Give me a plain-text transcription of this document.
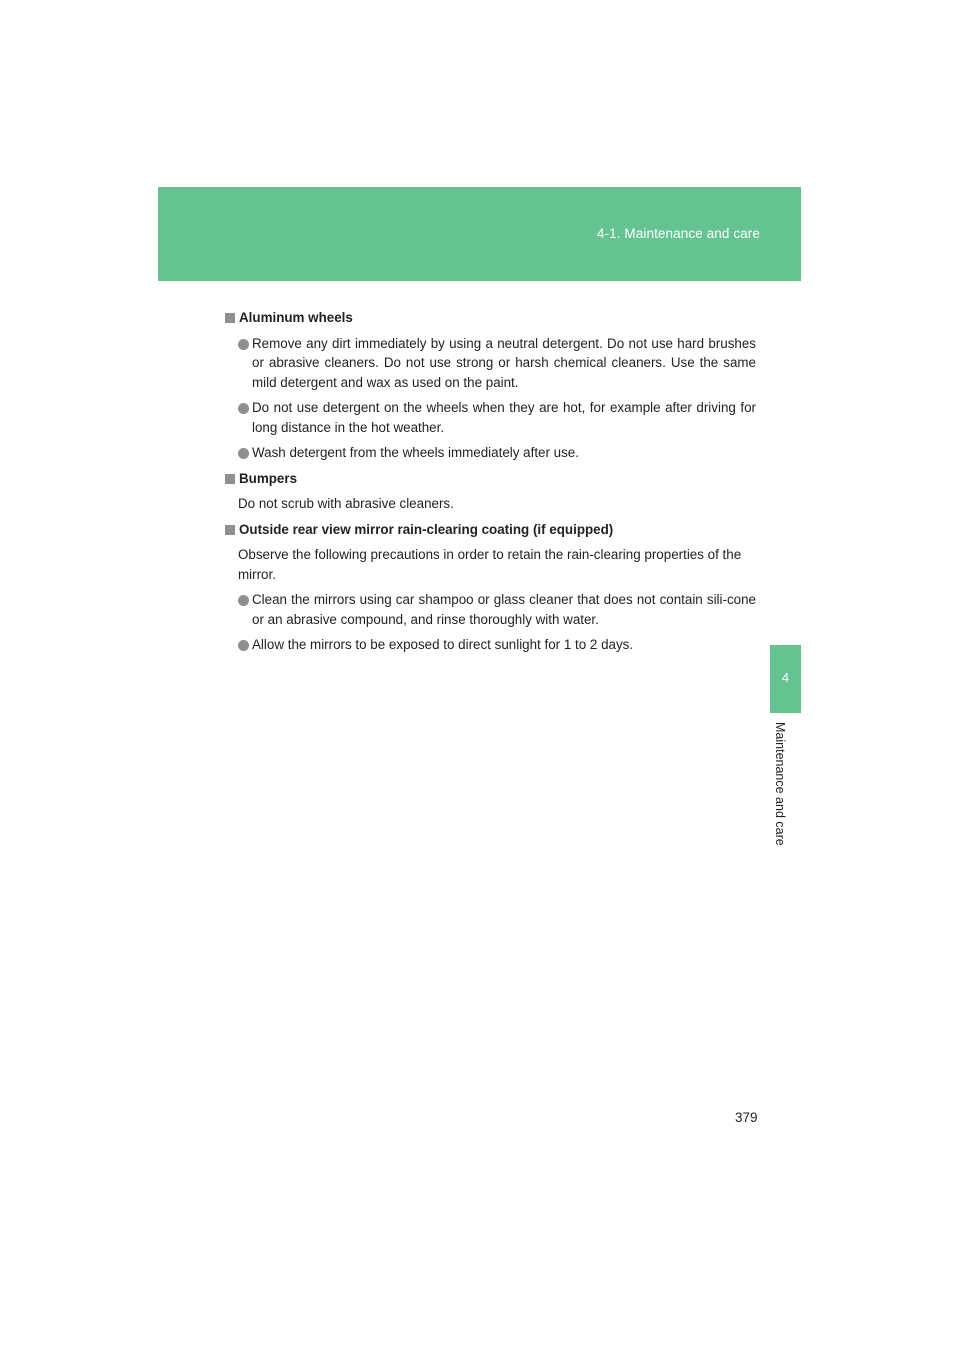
4-1. Maintenance and care
4
Maintenance and care
Aluminum wheels
Remove any dirt immediately by using a neutral detergent. Do not use hard brushes or abrasive cleaners. Do not use strong or harsh chemical cleaners. Use the same mild detergent and wax as used on the paint.
Do not use detergent on the wheels when they are hot, for example after driving for long distance in the hot weather.
Wash detergent from the wheels immediately after use.
Bumpers
Do not scrub with abrasive cleaners.
Outside rear view mirror rain-clearing coating (if equipped)
Observe the following precautions in order to retain the rain-clearing properties of the mirror.
Clean the mirrors using car shampoo or glass cleaner that does not contain sili-cone or an abrasive compound, and rinse thoroughly with water.
Allow the mirrors to be exposed to direct sunlight for 1 to 2 days.
379
